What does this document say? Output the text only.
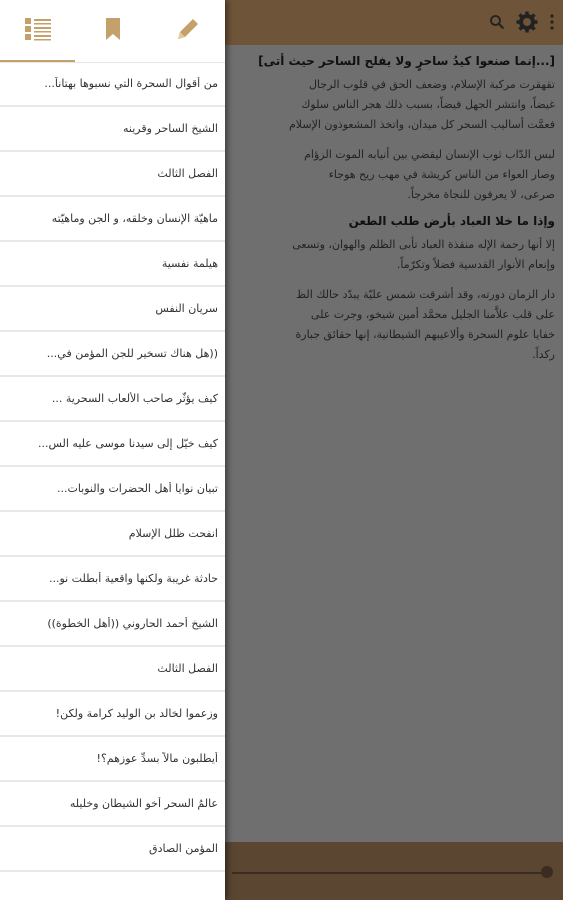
[...إنما صنعوا كيدُ ساحرٍ ولا يفلح الساحر حيث أتى]

تقهقرت مركبة الإسلام، وضعف الحق في قلوب الرجال

غيضاً، وانتشر الجهل فيضاً، بسبب ذلك هجر الناس سلوك

فعمَّت أساليب السحر كل ميدان، واتخذ المشعوذون الإسلام

لبس الدّاب ثوب الإنسان ليقضي بين أنيابه الموت الزؤام

وصار العواء من الناس كريشة في مهب ريح هوجاء

صرعى، لا يعرفون للنجاة مخرجاً.

وإذا ما خلا العباد بأرض طلب الطعن

إلا أنها رحمة الإله منقذة العباد تأبى الظلم والهوان، وتسعى

وإنعام الأنوار القدسية فضلاً وتكرّماً.

دار الزمان دورته، وقد أشرقت شمس عليّة يبدّد حالك الظ

على قلب علاَّمنا الجليل محمَّد أمين شيخو، وجرت على

خفايا علوم السحرة وألاعيبهم الشيطانية، إنها حقائق جبارة

ركداً.

من أقوال السحرة التي نسبوها بهتاناً...
الشيخ الساحر وقرينه
الفصل الثالث
ماهيّة الإنسان وخلقه، و الجن وماهيّته
هيلمة نفسية
سريان النفس
((هل هناك تسخير للجن المؤمن في...
كيف يؤثّر صاحب الألعاب السحرية ...
كيف خيّل إلى سيدنا موسى عليه الس...
تبيان نوايا أهل الحضرات والنوبات...
انفحت ظلل الإسلام
حادثة غريبة ولكنها واقعية أبطلت نو...
الشيخ أحمد الحاروني ((أهل الخطوة))
الفصل الثالث
وزعموا لخالد بن الوليد كرامة ولكن!
أيطلبون مالاً بسدِّ عوزهم؟!
عالمُ السحر أخو الشيطان وخليله
المؤمن الصادق
